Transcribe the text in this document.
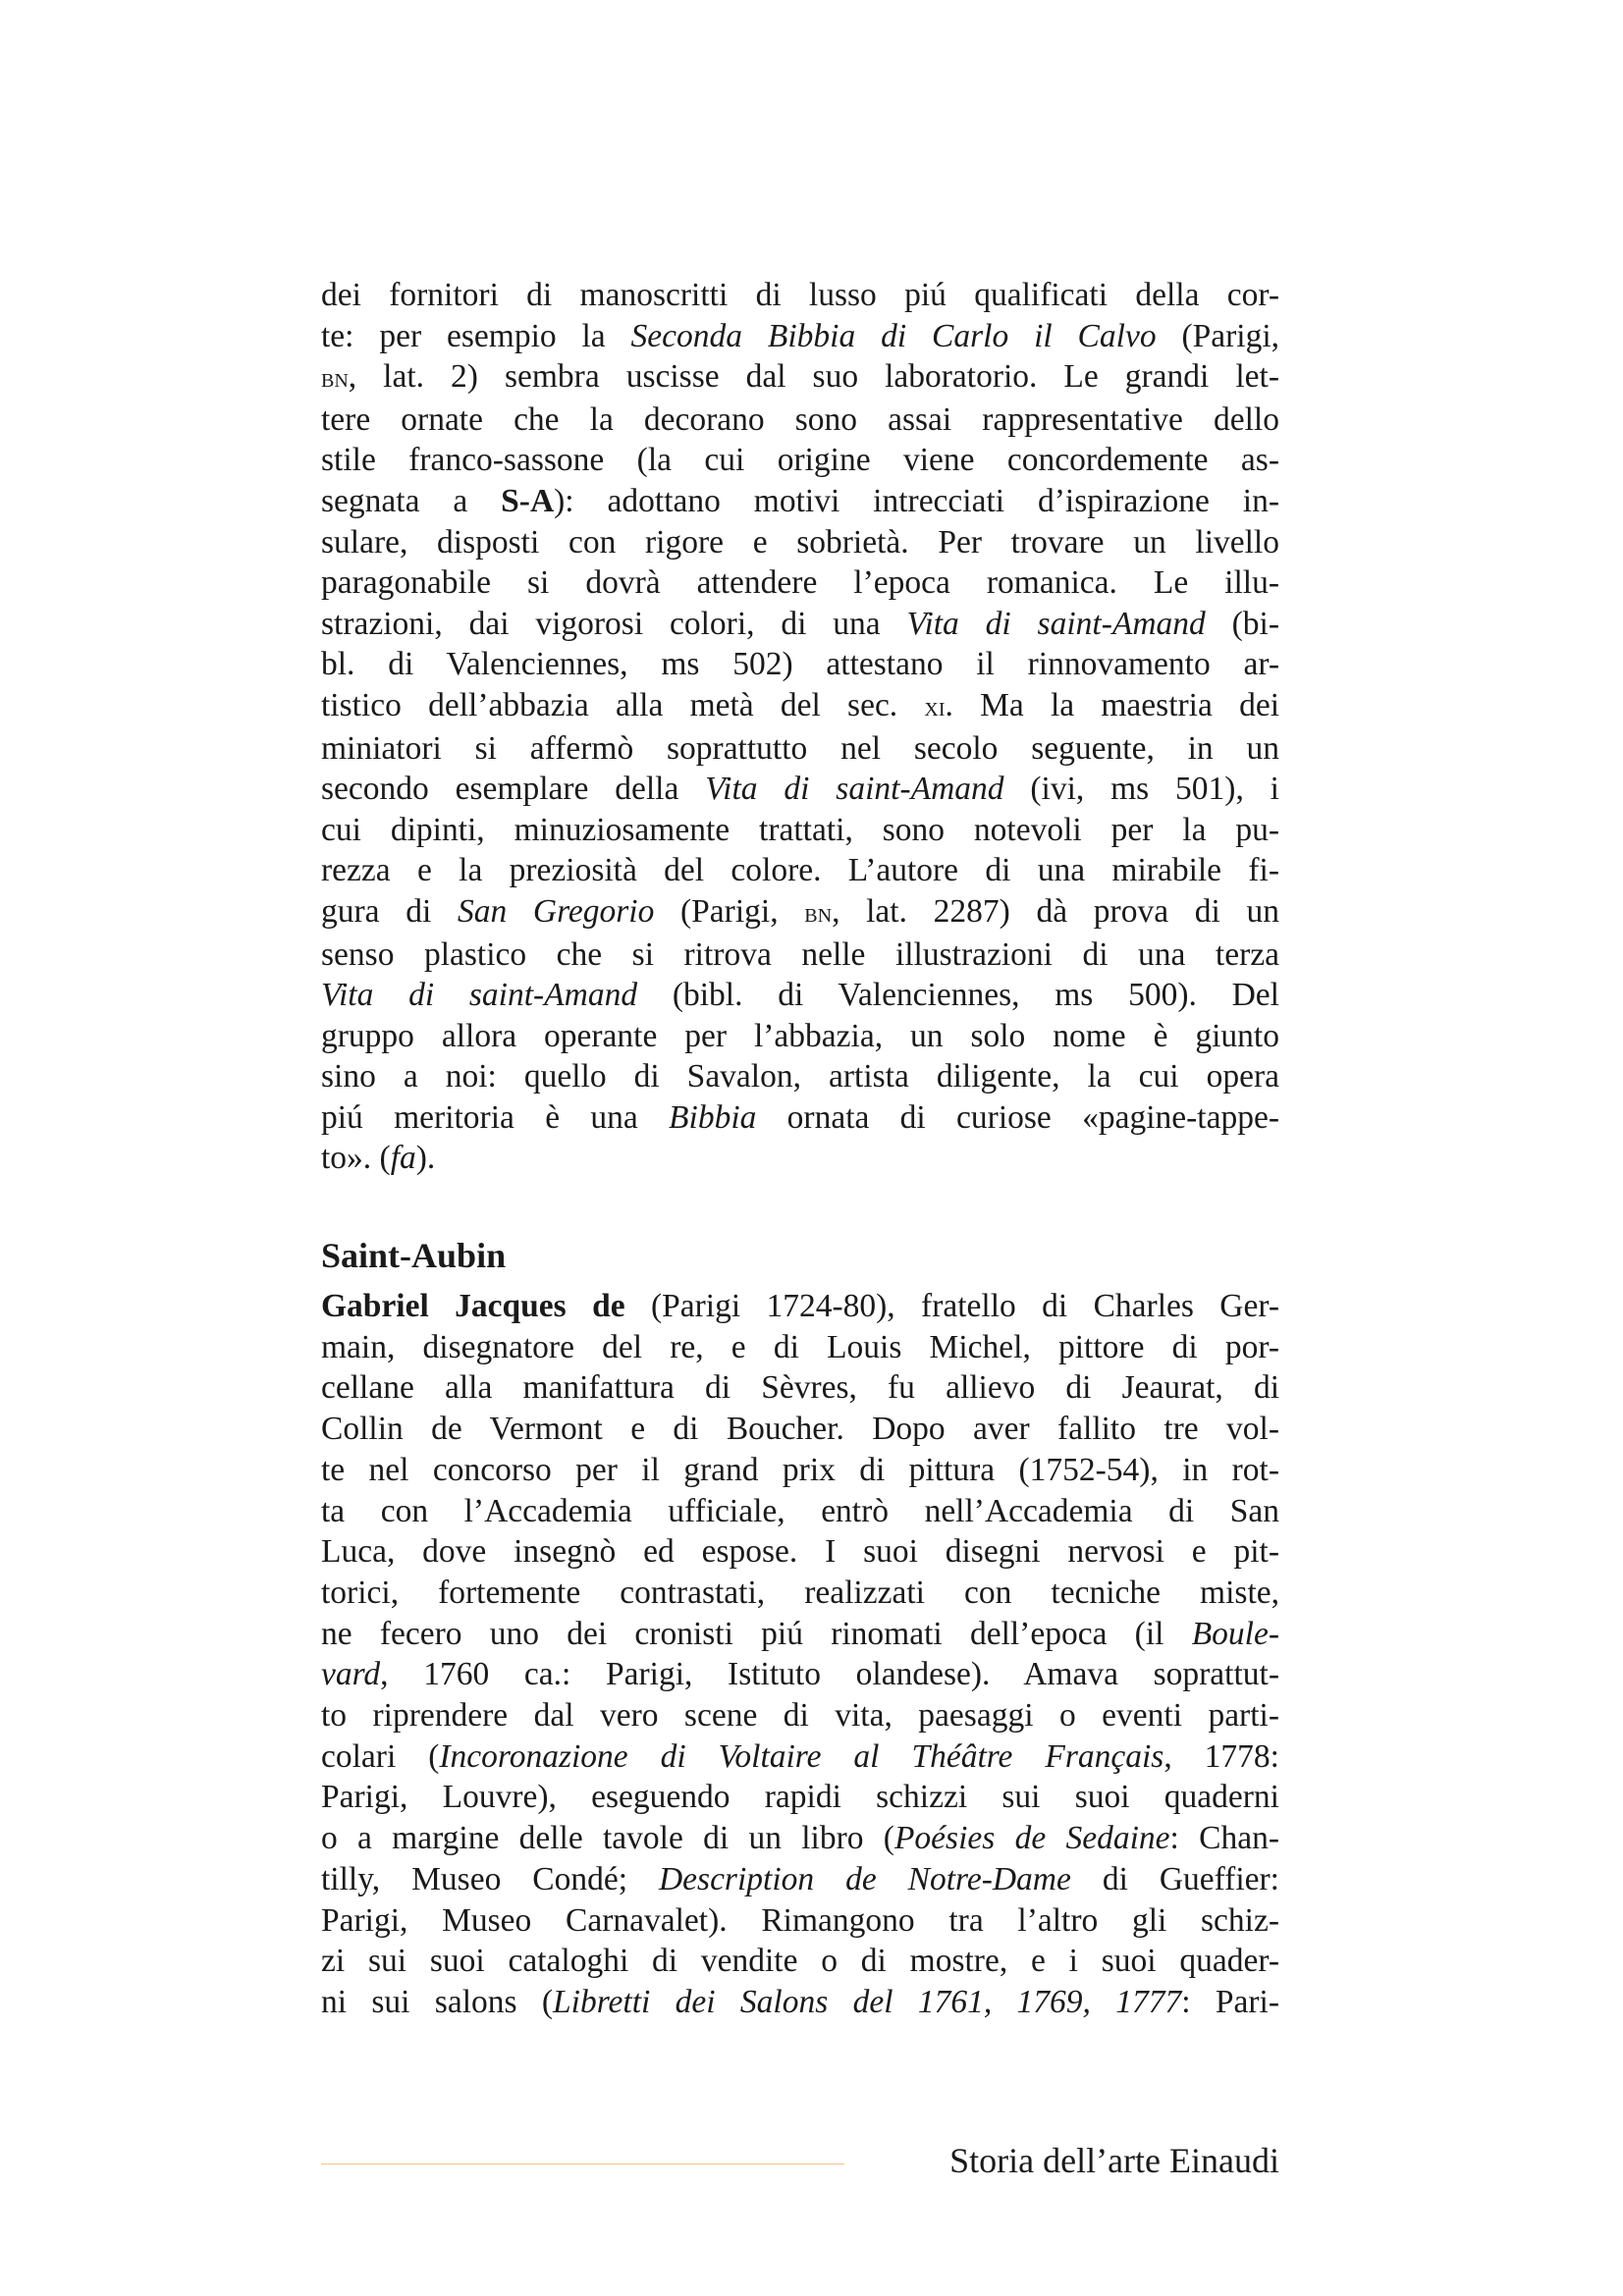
dei fornitori di manoscritti di lusso piú qualificati della cor-
te: per esempio la Seconda Bibbia di Carlo il Calvo (Parigi,
bn, lat. 2) sembra uscisse dal suo laboratorio. Le grandi let-
tere ornate che la decorano sono assai rappresentative dello
stile franco-sassone (la cui origine viene concordemente as-
segnata a S-A): adottano motivi intrecciati d’ispirazione in-
sulare, disposti con rigore e sobrietà. Per trovare un livello
paragonabile si dovrà attendere l’epoca romanica. Le illu-
strazioni, dai vigorosi colori, di una Vita di saint-Amand (bi-
bl. di Valenciennes, ms 502) attestano il rinnovamento ar-
tistico dell’abbazia alla metà del sec. xi. Ma la maestria dei
miniatori si affermò soprattutto nel secolo seguente, in un
secondo esemplare della Vita di saint-Amand (ivi, ms 501), i
cui dipinti, minuziosamente trattati, sono notevoli per la pu-
rezza e la preziosità del colore. L’autore di una mirabile fi-
gura di San Gregorio (Parigi, bn, lat. 2287) dà prova di un
senso plastico che si ritrova nelle illustrazioni di una terza
Vita di saint-Amand (bibl. di Valenciennes, ms 500). Del
gruppo allora operante per l’abbazia, un solo nome è giunto
sino a noi: quello di Savalon, artista diligente, la cui opera
piú meritoria è una Bibbia ornata di curiose «pagine-tappe-
to». (fa).
Saint-Aubin
Gabriel Jacques de (Parigi 1724-80), fratello di Charles Ger-
main, disegnatore del re, e di Louis Michel, pittore di por-
cellane alla manifattura di Sèvres, fu allievo di Jeaurat, di
Collin de Vermont e di Boucher. Dopo aver fallito tre vol-
te nel concorso per il grand prix di pittura (1752-54), in rot-
ta con l’Accademia ufficiale, entrò nell’Accademia di San
Luca, dove insegnò ed espose. I suoi disegni nervosi e pit-
torici, fortemente contrastati, realizzati con tecniche miste,
ne fecero uno dei cronisti piú rinomati dell’epoca (il Boule-
vard, 1760 ca.: Parigi, Istituto olandese). Amava soprattut-
to riprendere dal vero scene di vita, paesaggi o eventi parti-
colari (Incoronazione di Voltaire al Théâtre Français, 1778:
Parigi, Louvre), eseguendo rapidi schizzi sui suoi quaderni
o a margine delle tavole di un libro (Poésies de Sedaine: Chan-
tilly, Museo Condé; Description de Notre-Dame di Gueffier:
Parigi, Museo Carnavalet). Rimangono tra l’altro gli schiz-
zi sui suoi cataloghi di vendite o di mostre, e i suoi quader-
ni sui salons (Libretti dei Salons del 1761, 1769, 1777: Pari-
Storia dell’arte Einaudi
